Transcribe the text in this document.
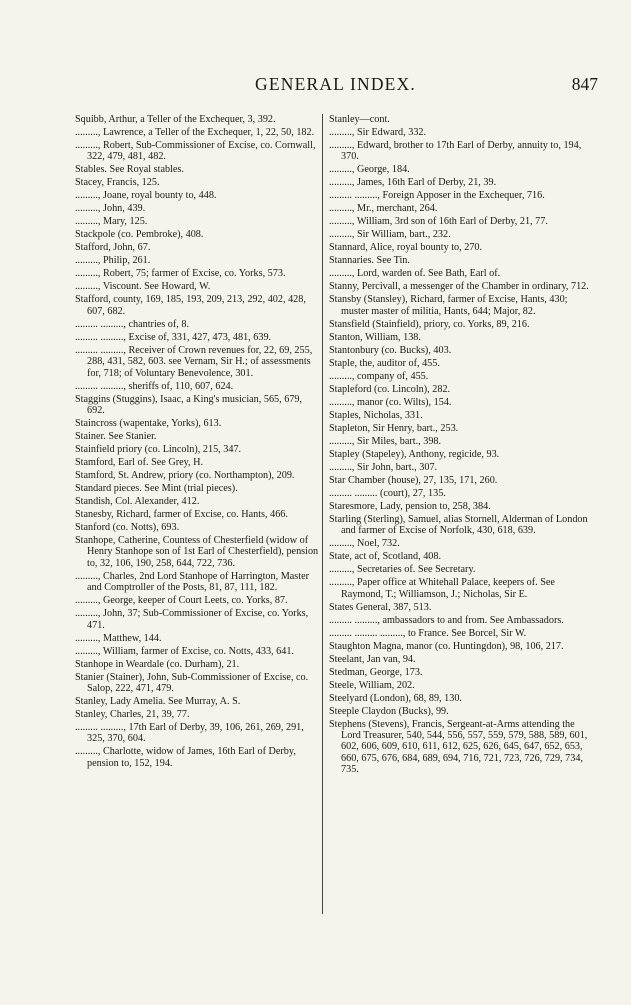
GENERAL INDEX.	847

Squibb, Arthur, a Teller of the Exchequer, 3, 392.

........., Lawrence, a Teller of the Exchequer, 1, 22, 50, 182.

........., Robert, Sub-Commissioner of Excise, co. Cornwall, 322, 479, 481, 482.

Stables. See Royal stables.

Stacey, Francis, 125.

........., Joane, royal bounty to, 448.

........., John, 439.

........., Mary, 125.

Stackpole (co. Pembroke), 408.

Stafford, John, 67.

........., Philip, 261.

........., Robert, 75; farmer of Excise, co. Yorks, 573.

........., Viscount. See Howard, W.

Stafford, county, 169, 185, 193, 209, 213, 292, 402, 428, 607, 682.

......... ........., chantries of, 8.

......... ........., Excise of, 331, 427, 473, 481, 639.

......... ........., Receiver of Crown revenues for, 22, 69, 255, 288, 431, 582, 603. see Vernam, Sir H.; of assessments for, 718; of Voluntary Benevolence, 301.

......... ........., sheriffs of, 110, 607, 624.

Staggins (Stuggins), Isaac, a King's musician, 565, 679, 692.

Staincross (wapentake, Yorks), 613.

Stainer. See Stanier.

Stainfield priory (co. Lincoln), 215, 347.

Stamford, Earl of. See Grey, H.

Stamford, St. Andrew, priory (co. Northampton), 209.

Standard pieces. See Mint (trial pieces).

Standish, Col. Alexander, 412.

Stanesby, Richard, farmer of Excise, co. Hants, 466.

Stanford (co. Notts), 693.

Stanhope, Catherine, Countess of Chesterfield (widow of Henry Stanhope son of 1st Earl of Chesterfield), pension to, 32, 106, 190, 258, 644, 722, 736.

........., Charles, 2nd Lord Stanhope of Harrington, Master and Comptroller of the Posts, 81, 87, 111, 182.

........., George, keeper of Court Leets, co. Yorks, 87.

........., John, 37; Sub-Commissioner of Excise, co. Yorks, 471.

........., Matthew, 144.

........., William, farmer of Excise, co. Notts, 433, 641.

Stanhope in Weardale (co. Durham), 21.

Stanier (Stainer), John, Sub-Commissioner of Excise, co. Salop, 222, 471, 479.

Stanley, Lady Amelia. See Murray, A. S.

Stanley, Charles, 21, 39, 77.

......... ........., 17th Earl of Derby, 39, 106, 261, 269, 291, 325, 370, 604.

........., Charlotte, widow of James, 16th Earl of Derby, pension to, 152, 194.

Stanley—cont.

........., Sir Edward, 332.

........., Edward, brother to 17th Earl of Derby, annuity to, 194, 370.

........., George, 184.

........., James, 16th Earl of Derby, 21, 39.

......... ........., Foreign Apposer in the Exchequer, 716.

........., Mr., merchant, 264.

........., William, 3rd son of 16th Earl of Derby, 21, 77.

........., Sir William, bart., 232.

Stannard, Alice, royal bounty to, 270.

Stannaries. See Tin.

........., Lord, warden of. See Bath, Earl of.

Stanny, Percivall, a messenger of the Chamber in ordinary, 712.

Stansby (Stansley), Richard, farmer of Excise, Hants, 430; muster master of militia, Hants, 644; Major, 82.

Stansfield (Stainfield), priory, co. Yorks, 89, 216.

Stanton, William, 138.

Stantonbury (co. Bucks), 403.

Staple, the, auditor of, 455.

........., company of, 455.

Stapleford (co. Lincoln), 282.

........., manor (co. Wilts), 154.

Staples, Nicholas, 331.

Stapleton, Sir Henry, bart., 253.

........., Sir Miles, bart., 398.

Stapley (Stapeley), Anthony, regicide, 93.

........., Sir John, bart., 307.

Star Chamber (house), 27, 135, 171, 260.

......... ......... (court), 27, 135.

Staresmore, Lady, pension to, 258, 384.

Starling (Sterling), Samuel, alias Stornell, Alderman of London and farmer of Excise of Norfolk, 430, 618, 639.

........., Noel, 732.

State, act of, Scotland, 408.

........., Secretaries of. See Secretary.

........., Paper office at Whitehall Palace, keepers of. See Raymond, T.; Williamson, J.; Nicholas, Sir E.

States General, 387, 513.

......... ........., ambassadors to and from. See Ambassadors.

......... ......... ........., to France. See Borcel, Sir W.

Staughton Magna, manor (co. Huntingdon), 98, 106, 217.

Steelant, Jan van, 94.

Stedman, George, 173.

Steele, William, 202.

Steelyard (London), 68, 89, 130.

Steeple Claydon (Bucks), 99.

Stephens (Stevens), Francis, Sergeant-at-Arms attending the Lord Treasurer, 540, 544, 556, 557, 559, 579, 588, 589, 601, 602, 606, 609, 610, 611, 612, 625, 626, 645, 647, 652, 653, 660, 675, 676, 684, 689, 694, 716, 721, 723, 726, 729, 734, 735.
